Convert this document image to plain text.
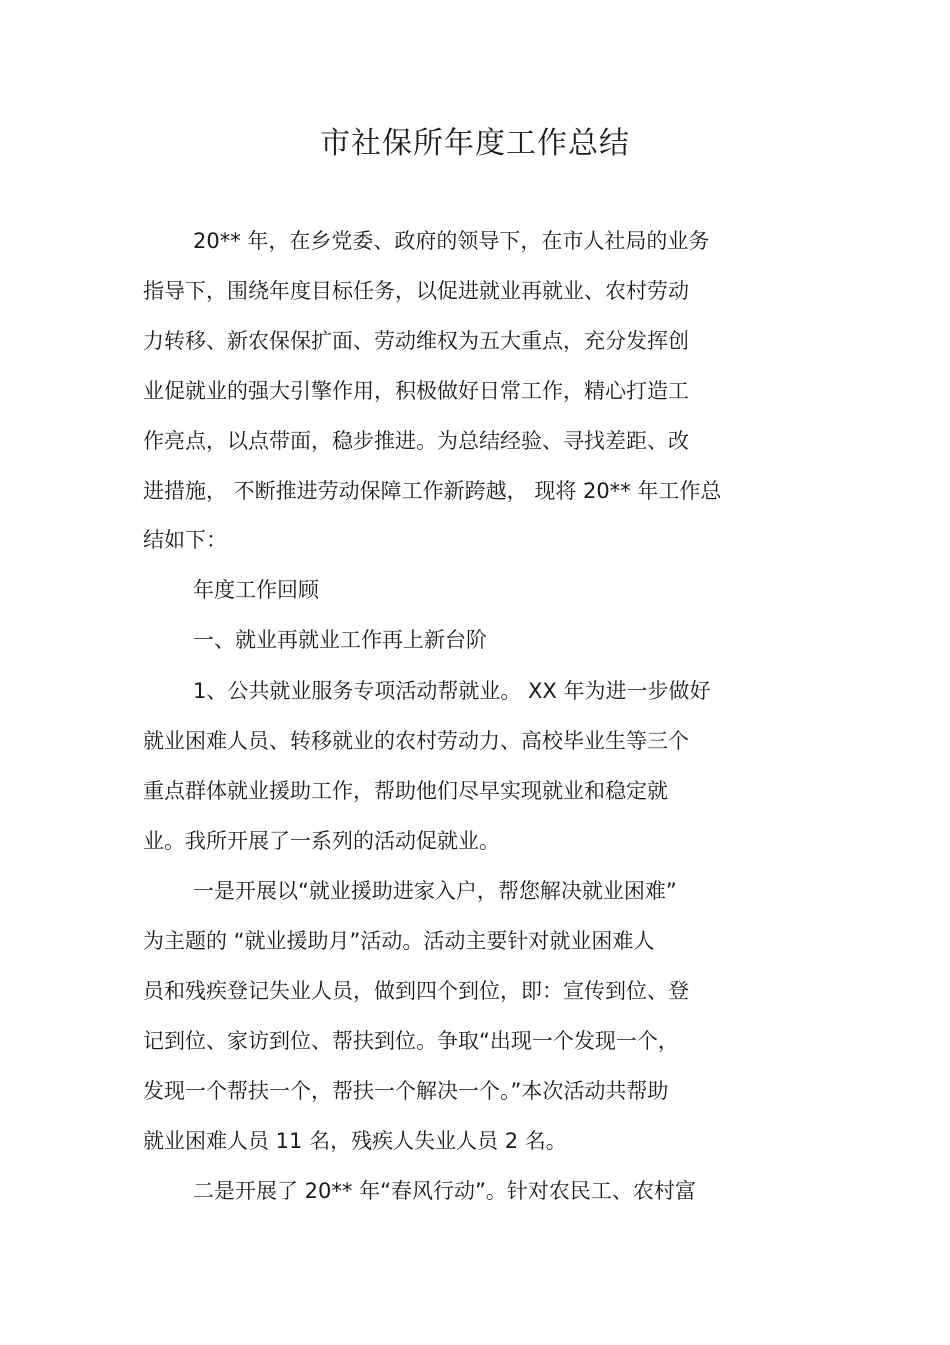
市社保所年度工作总结
20** 年，在乡党委、政府的领导下，在市人社局的业务
指导下，围绕年度目标任务，以促进就业再就业、农村劳动
力转移、新农保保扩面、劳动维权为五大重点，充分发挥创
业促就业的强大引擎作用，积极做好日常工作，精心打造工
作亮点，以点带面，稳步推进。为总结经验、寻找差距、改
进措施， 不断推进劳动保障工作新跨越， 现将 20** 年工作总
结如下：
年度工作回顾
一、就业再就业工作再上新台阶
1、公共就业服务专项活动帮就业。 XX 年为进一步做好
就业困难人员、转移就业的农村劳动力、高校毕业生等三个
重点群体就业援助工作，帮助他们尽早实现就业和稳定就
业。我所开展了一系列的活动促就业。
一是开展以“就业援助进家入户，帮您解决就业困难”
为主题的 “就业援助月”活动。活动主要针对就业困难人
员和残疾登记失业人员，做到四个到位，即：宣传到位、登
记到位、家访到位、帮扶到位。争取“出现一个发现一个，
发现一个帮扶一个，帮扶一个解决一个。”本次活动共帮助
就业困难人员 11 名，残疾人失业人员 2 名。
二是开展了 20** 年“春风行动”。针对农民工、农村富
